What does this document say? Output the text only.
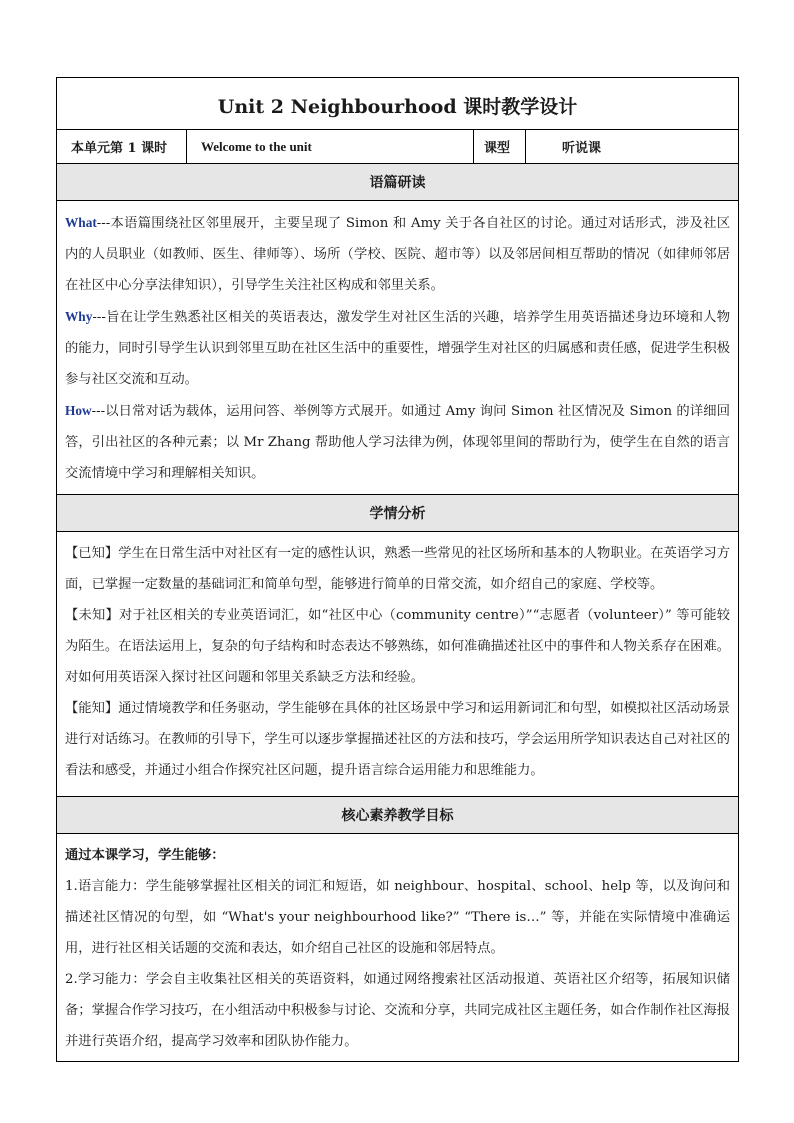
Unit 2 Neighbourhood 课时教学设计
本单元第 1 课时	Welcome to the unit	课型	听说课
语篇研读

What---本语篇围绕社区邻里展开，主要呈现了 Simon 和 Amy 关于各自社区的讨论。通过对话形式，涉及社区内的人员职业（如教师、医生、律师等）、场所（学校、医院、超市等）以及邻居间相互帮助的情况（如律师邻居在社区中心分享法律知识），引导学生关注社区构成和邻里关系。

Why---旨在让学生熟悉社区相关的英语表达，激发学生对社区生活的兴趣，培养学生用英语描述身边环境和人物的能力，同时引导学生认识到邻里互助在社区生活中的重要性，增强学生对社区的归属感和责任感，促进学生积极参与社区交流和互动。

How---以日常对话为载体，运用问答、举例等方式展开。如通过 Amy 询问 Simon 社区情况及 Simon 的详细回答，引出社区的各种元素；以 Mr Zhang 帮助他人学习法律为例，体现邻里间的帮助行为，使学生在自然的语言交流情境中学习和理解相关知识。

学情分析

【已知】学生在日常生活中对社区有一定的感性认识，熟悉一些常见的社区场所和基本的人物职业。在英语学习方面，已掌握一定数量的基础词汇和简单句型，能够进行简单的日常交流，如介绍自己的家庭、学校等。

【未知】对于社区相关的专业英语词汇，如“社区中心（community centre）”“志愿者（volunteer）” 等可能较为陌生。在语法运用上，复杂的句子结构和时态表达不够熟练，如何准确描述社区中的事件和人物关系存在困难。对如何用英语深入探讨社区问题和邻里关系缺乏方法和经验。

【能知】通过情境教学和任务驱动，学生能够在具体的社区场景中学习和运用新词汇和句型，如模拟社区活动场景进行对话练习。在教师的引导下，学生可以逐步掌握描述社区的方法和技巧，学会运用所学知识表达自己对社区的看法和感受，并通过小组合作探究社区问题，提升语言综合运用能力和思维能力。

核心素养教学目标

通过本课学习，学生能够：

1.语言能力：学生能够掌握社区相关的词汇和短语，如 neighbour、hospital、school、help 等，以及询问和描述社区情况的句型，如 “What's your neighbourhood like?” “There is…” 等，并能在实际情境中准确运用，进行社区相关话题的交流和表达，如介绍自己社区的设施和邻居特点。

2.学习能力：学会自主收集社区相关的英语资料，如通过网络搜索社区活动报道、英语社区介绍等，拓展知识储备；掌握合作学习技巧，在小组活动中积极参与讨论、交流和分享，共同完成社区主题任务，如合作制作社区海报并进行英语介绍，提高学习效率和团队协作能力。
